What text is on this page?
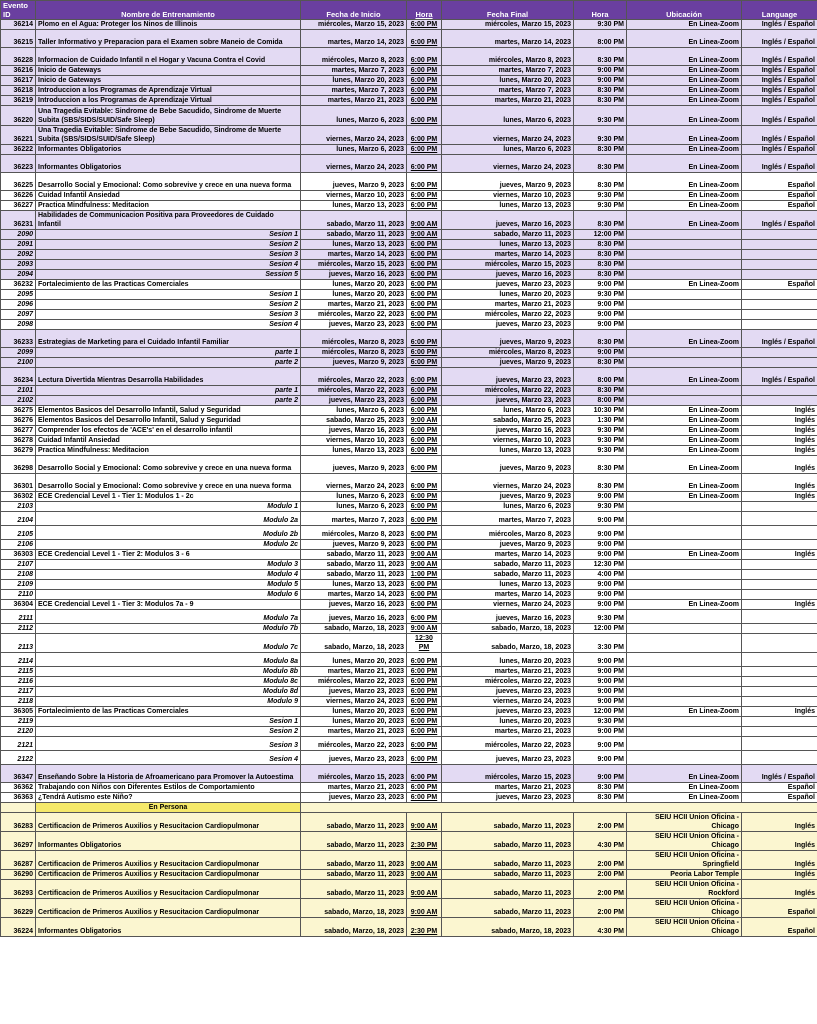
Evento ID	Nombre de Entrenamiento	Fecha de Inicio	Hora	Fecha Final	Hora	Ubicación	Language
36214	Plomo en el Agua: Proteger los Ninos de Illinois	miércoles, Marzo 15, 2023	6:00 PM	miércoles, Marzo 15, 2023	9:30 PM	En Linea-Zoom	Inglés / Español
36215	Taller Informativo y Preparacion para el Examen sobre Maneio de Comida	martes, Marzo 14, 2023	6:00 PM	martes, Marzo 14, 2023	8:00 PM	En Linea-Zoom	Inglés / Español
36228	Informacion de Cuidado Infantil n el Hogar y Vacuna Contra el Covid	miércoles, Marzo 8, 2023	6:00 PM	miércoles, Marzo 8, 2023	8:30 PM	En Linea-Zoom	Inglés / Español
36216	Inicio de Gateways	martes, Marzo 7, 2023	6:00 PM	martes, Marzo 7, 2023	9:00 PM	En Linea-Zoom	Inglés / Español
36217	Inicio de Gateways	lunes, Marzo 20, 2023	6:00 PM	lunes, Marzo 20, 2023	9:00 PM	En Linea-Zoom	Inglés / Español
36218	Introduccion a los Programas de Aprendizaje Virtual	martes, Marzo 7, 2023	6:00 PM	martes, Marzo 7, 2023	8:30 PM	En Linea-Zoom	Inglés / Español
36219	Introduccion a los Programas de Aprendizaje Virtual	martes, Marzo 21, 2023	6:00 PM	martes, Marzo 21, 2023	8:30 PM	En Linea-Zoom	Inglés / Español
36220	Una Tragedia Evitable: Sindrome de Bebe Sacudido, Sindrome de Muerte Subita (SBS/SIDS/SUID/Safe Sleep)	lunes, Marzo 6, 2023	6:00 PM	lunes, Marzo 6, 2023	9:30 PM	En Linea-Zoom	Inglés / Español
36221	Una Tragedia Evitable: Sindrome de Bebe Sacudido, Sindrome de Muerte Subita (SBS/SIDS/SUID/Safe Sleep)	viernes, Marzo 24, 2023	6:00 PM	viernes, Marzo 24, 2023	9:30 PM	En Linea-Zoom	Inglés / Español
36222	Informantes Obligatorios	lunes, Marzo 6, 2023	6:00 PM	lunes, Marzo 6, 2023	8:30 PM	En Linea-Zoom	Inglés / Español
36223	Informantes Obligatorios	viernes, Marzo 24, 2023	6:00 PM	viernes, Marzo 24, 2023	8:30 PM	En Linea-Zoom	Inglés / Español
36225	Desarrollo Social y Emocional: Como sobrevive y crece en una nueva forma	jueves, Marzo 9, 2023	6:00 PM	jueves, Marzo 9, 2023	8:30 PM	En Linea-Zoom	Español
36226	Cuidad Infantil Ansiedad	viernes, Marzo 10, 2023	6:00 PM	viernes, Marzo 10, 2023	9:30 PM	En Linea-Zoom	Español
36227	Practica Mindfulness: Meditacion	lunes, Marzo 13, 2023	6:00 PM	lunes, Marzo 13, 2023	9:30 PM	En Linea-Zoom	Español
36231	Habilidades de Communicacion Positiva para Proveedores de Cuidado Infantil	sabado, Marzo 11, 2023	9:00 AM	jueves, Marzo 16, 2023	8:30 PM	En Linea-Zoom	Inglés / Español
2090	Sesion 1	sabado, Marzo 11, 2023	9:00 AM	sabado, Marzo 11, 2023	12:00 PM		
2091	Sesion 2	lunes, Marzo 13, 2023	6:00 PM	lunes, Marzo 13, 2023	8:30 PM		
2092	Sesion 3	martes, Marzo 14, 2023	6:00 PM	martes, Marzo 14, 2023	8:30 PM		
2093	Sesion 4	miércoles, Marzo 15, 2023	6:00 PM	miércoles, Marzo 15, 2023	8:30 PM		
2094	Session 5	jueves, Marzo 16, 2023	6:00 PM	jueves, Marzo 16, 2023	8:30 PM		
36232	Fortalecimiento de las Practicas Comerciales	lunes, Marzo 20, 2023	6:00 PM	jueves, Marzo 23, 2023	9:00 PM	En Linea-Zoom	Español
2095	Sesion 1	lunes, Marzo 20, 2023	6:00 PM	lunes, Marzo 20, 2023	9:30 PM		
2096	Sesion 2	martes, Marzo 21, 2023	6:00 PM	martes, Marzo 21, 2023	9:00 PM		
2097	Sesion 3	miércoles, Marzo 22, 2023	6:00 PM	miércoles, Marzo 22, 2023	9:00 PM		
2098	Sesion 4	jueves, Marzo 23, 2023	6:00 PM	jueves, Marzo 23, 2023	9:00 PM		
36233	Estrategias de Marketing para el Cuidado Infantil Familiar	miércoles, Marzo 8, 2023	6:00 PM	jueves, Marzo 9, 2023	8:30 PM	En Linea-Zoom	Inglés / Español
2099	parte 1	miércoles, Marzo 8, 2023	6:00 PM	miércoles, Marzo 8, 2023	9:00 PM		
2100	parte 2	jueves, Marzo 9, 2023	6:00 PM	jueves, Marzo 9, 2023	8:30 PM		
36234	Lectura Divertida Mientras Desarrolla Habilidades	miércoles, Marzo 22, 2023	6:00 PM	jueves, Marzo 23, 2023	8:00 PM	En Linea-Zoom	Inglés / Español
2101	parte 1	miércoles, Marzo 22, 2023	6:00 PM	miércoles, Marzo 22, 2023	8:30 PM		
2102	parte 2	jueves, Marzo 23, 2023	6:00 PM	jueves, Marzo 23, 2023	8:00 PM		
36275	Elementos Basicos del Desarrollo Infantil, Salud y Seguridad	lunes, Marzo 6, 2023	6:00 PM	lunes, Marzo 6, 2023	10:30 PM	En Linea-Zoom	Inglés
36276	Elementos Basicos del Desarrollo Infantil, Salud y Seguridad	sabado, Marzo 25, 2023	9:00 AM	sabado, Marzo 25, 2023	1:30 PM	En Linea-Zoom	Inglés
36277	Comprender los efectos de 'ACE's' en el desarrollo infantil	jueves, Marzo 16, 2023	6:00 PM	jueves, Marzo 16, 2023	9:30 PM	En Linea-Zoom	Inglés
36278	Cuidad Infantil Ansiedad	viernes, Marzo 10, 2023	6:00 PM	viernes, Marzo 10, 2023	9:30 PM	En Linea-Zoom	Inglés
36279	Practica Mindfulness: Meditacion	lunes, Marzo 13, 2023	6:00 PM	lunes, Marzo 13, 2023	9:30 PM	En Linea-Zoom	Inglés
36298	Desarrollo Social y Emocional: Como sobrevive y crece en una nueva forma	jueves, Marzo 9, 2023	6:00 PM	jueves, Marzo 9, 2023	8:30 PM	En Linea-Zoom	Inglés
36301	Desarrollo Social y Emocional: Como sobrevive y crece en una nueva forma	viernes, Marzo 24, 2023	6:00 PM	viernes, Marzo 24, 2023	8:30 PM	En Linea-Zoom	Inglés
36302	ECE Credencial Level 1 - Tier 1: Modulos 1 - 2c	lunes, Marzo 6, 2023	6:00 PM	jueves, Marzo 9, 2023	9:00 PM	En Linea-Zoom	Inglés
2103	Modulo 1	lunes, Marzo 6, 2023	6:00 PM	lunes, Marzo 6, 2023	9:30 PM		
2104	Modulo 2a	martes, Marzo 7, 2023	6:00 PM	martes, Marzo 7, 2023	9:00 PM		
2105	Modulo 2b	miércoles, Marzo 8, 2023	6:00 PM	miércoles, Marzo 8, 2023	9:00 PM		
2106	Modulo 2c	jueves, Marzo 9, 2023	6:00 PM	jueves, Marzo 9, 2023	9:00 PM		
36303	ECE Credencial Level 1 - Tier 2: Modulos 3 - 6	sabado, Marzo 11, 2023	9:00 AM	martes, Marzo 14, 2023	9:00 PM	En Linea-Zoom	Inglés
2107	Modulo 3	sabado, Marzo 11, 2023	9:00 AM	sabado, Marzo 11, 2023	12:30 PM		
2108	Modulo 4	sabado, Marzo 11, 2023	1:00 PM	sabado, Marzo 11, 2023	4:00 PM		
2109	Modulo 5	lunes, Marzo 13, 2023	6:00 PM	lunes, Marzo 13, 2023	9:00 PM		
2110	Modulo 6	martes, Marzo 14, 2023	6:00 PM	martes, Marzo 14, 2023	9:00 PM		
36304	ECE Credencial Level 1 - Tier 3: Modulos 7a - 9	jueves, Marzo 16, 2023	6:00 PM	viernes, Marzo 24, 2023	9:00 PM	En Linea-Zoom	Inglés
2111	Modulo 7a	jueves, Marzo 16, 2023	6:00 PM	jueves, Marzo 16, 2023	9:30 PM		
2112	Modulo 7b	sabado, Marzo, 18, 2023	9:00 AM	sabado, Marzo, 18, 2023	12:00 PM		
2113	Modulo 7c	sabado, Marzo, 18, 2023	12:30 PM	sabado, Marzo, 18, 2023	3:30 PM		
2114	Modulo 8a	lunes, Marzo 20, 2023	6:00 PM	lunes, Marzo 20, 2023	9:00 PM		
2115	Modulo 8b	martes, Marzo 21, 2023	6:00 PM	martes, Marzo 21, 2023	9:00 PM		
2116	Modulo 8c	miércoles, Marzo 22, 2023	6:00 PM	miércoles, Marzo 22, 2023	9:00 PM		
2117	Modulo 8d	jueves, Marzo 23, 2023	6:00 PM	jueves, Marzo 23, 2023	9:00 PM		
2118	Modulo 9	viernes, Marzo 24, 2023	6:00 PM	viernes, Marzo 24, 2023	9:00 PM		
36305	Fortalecimiento de las Practicas Comerciales	lunes, Marzo 20, 2023	6:00 PM	jueves, Marzo 23, 2023	12:00 PM	En Linea-Zoom	Inglés
2119	Sesion 1	lunes, Marzo 20, 2023	6:00 PM	lunes, Marzo 20, 2023	9:30 PM		
2120	Sesion 2	martes, Marzo 21, 2023	6:00 PM	martes, Marzo 21, 2023	9:00 PM		
2121	Sesion 3	miércoles, Marzo 22, 2023	6:00 PM	miércoles, Marzo 22, 2023	9:00 PM		
2122	Sesion 4	jueves, Marzo 23, 2023	6:00 PM	jueves, Marzo 23, 2023	9:00 PM		
36347	Enseñando Sobre la Historia de Afroamericano para Promover la Autoestima	miércoles, Marzo 15, 2023	6:00 PM	miércoles, Marzo 15, 2023	9:00 PM	En Linea-Zoom	Inglés / Español
36362	Trabajando con Niños con Diferentes Estilos de Comportamiento	martes, Marzo 21, 2023	6:00 PM	martes, Marzo 21, 2023	8:30 PM	En Linea-Zoom	Español
36363	¿Tendrá Autismo este Niño?	jueves, Marzo 23, 2023	6:00 PM	jueves, Marzo 23, 2023	8:30 PM	En Linea-Zoom	Español
	En Persona						
36283	Certificacion de Primeros Auxilios y Resucitacion Cardiopulmonar	sabado, Marzo 11, 2023	9:00 AM	sabado, Marzo 11, 2023	2:00 PM	SEIU HCII Union Oficina - Chicago	Inglés
36297	Informantes Obligatorios	sabado, Marzo 11, 2023	2:30 PM	sabado, Marzo 11, 2023	4:30 PM	SEIU HCII Union Oficina - Chicago	Inglés
36287	Certificacion de Primeros Auxilios y Resucitacion Cardiopulmonar	sabado, Marzo 11, 2023	9:00 AM	sabado, Marzo 11, 2023	2:00 PM	SEIU HCII Union Oficina - Springfield	Inglés
36290	Certificacion de Primeros Auxilios y Resucitacion Cardiopulmonar	sabado, Marzo 11, 2023	9:00 AM	sabado, Marzo 11, 2023	2:00 PM	Peoria Labor Temple	Inglés
36293	Certificacion de Primeros Auxilios y Resucitacion Cardiopulmonar	sabado, Marzo 11, 2023	9:00 AM	sabado, Marzo 11, 2023	2:00 PM	SEIU HCII Union Oficina - Rockford	Inglés
36229	Certificacion de Primeros Auxilios y Resucitacion Cardiopulmonar	sabado, Marzo, 18, 2023	9:00 AM	sabado, Marzo 11, 2023	2:00 PM	SEIU HCII Union Oficina - Chicago	Español
36224	Informantes Obligatorios	sabado, Marzo, 18, 2023	2:30 PM	sabado, Marzo, 18, 2023	4:30 PM	SEIU HCII Union Oficina - Chicago	Español
